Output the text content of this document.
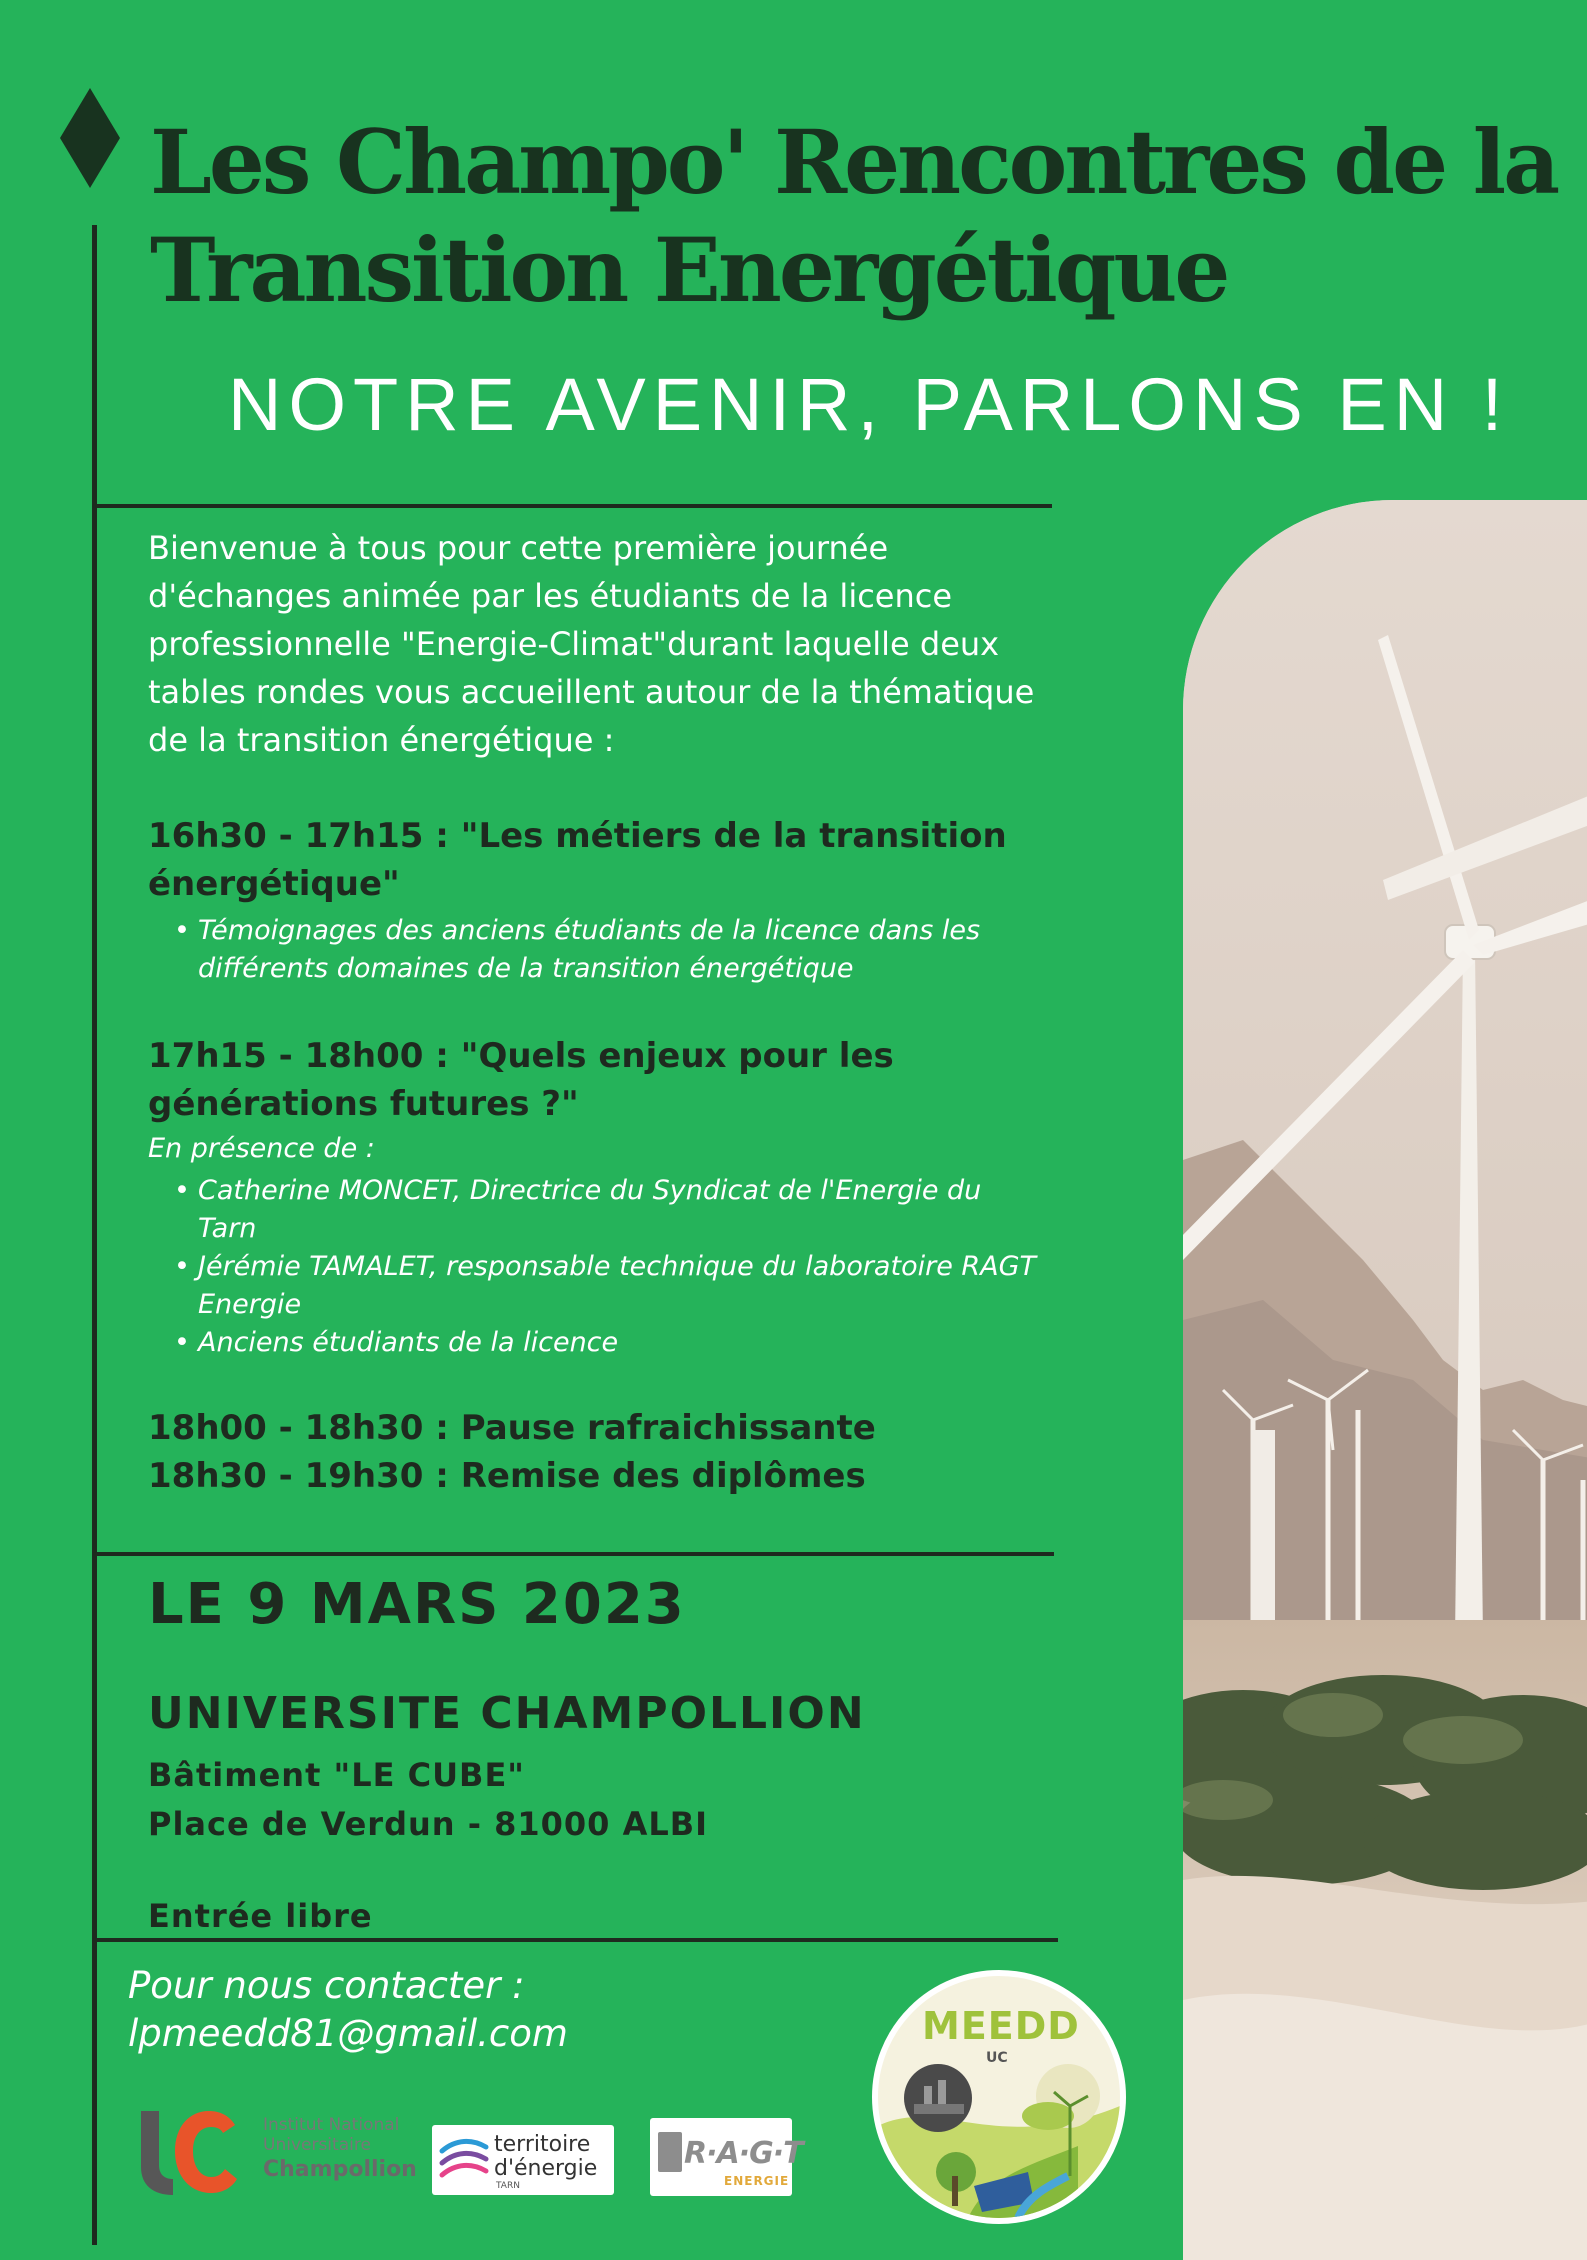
Les Champo' Rencontres de la Transition Energétique
NOTRE AVENIR, PARLONS EN !

Bienvenue à tous pour cette première journée d'échanges animée par les étudiants de la licence professionnelle "Energie-Climat"durant laquelle deux tables rondes vous accueillent autour de la thématique de la transition énergétique :

16h30 - 17h15 : "Les métiers de la transition énergétique"

• Témoignages des anciens étudiants de la licence dans les différents domaines de la transition énergétique

17h15 - 18h00 : "Quels enjeux pour les générations futures ?"

En présence de :
• Catherine MONCET, Directrice du Syndicat de l'Energie du Tarn
• Jérémie TAMALET, responsable technique du laboratoire RAGT Energie
• Anciens étudiants de la licence

18h00 - 18h30 : Pause rafraichissante

18h30 - 19h30 : Remise des diplômes

LE 9 MARS 2023
UNIVERSITE CHAMPOLLION
Bâtiment "LE CUBE"
Place de Verdun - 81000 ALBI
Entrée libre
Pour nous contacter :
lpmeedd81@gmail.com
Institut National
Universitaire
Champollion
territoire
d'énergie
TARN
R·A·G·T
ENERGIE
MEEDD
UC
